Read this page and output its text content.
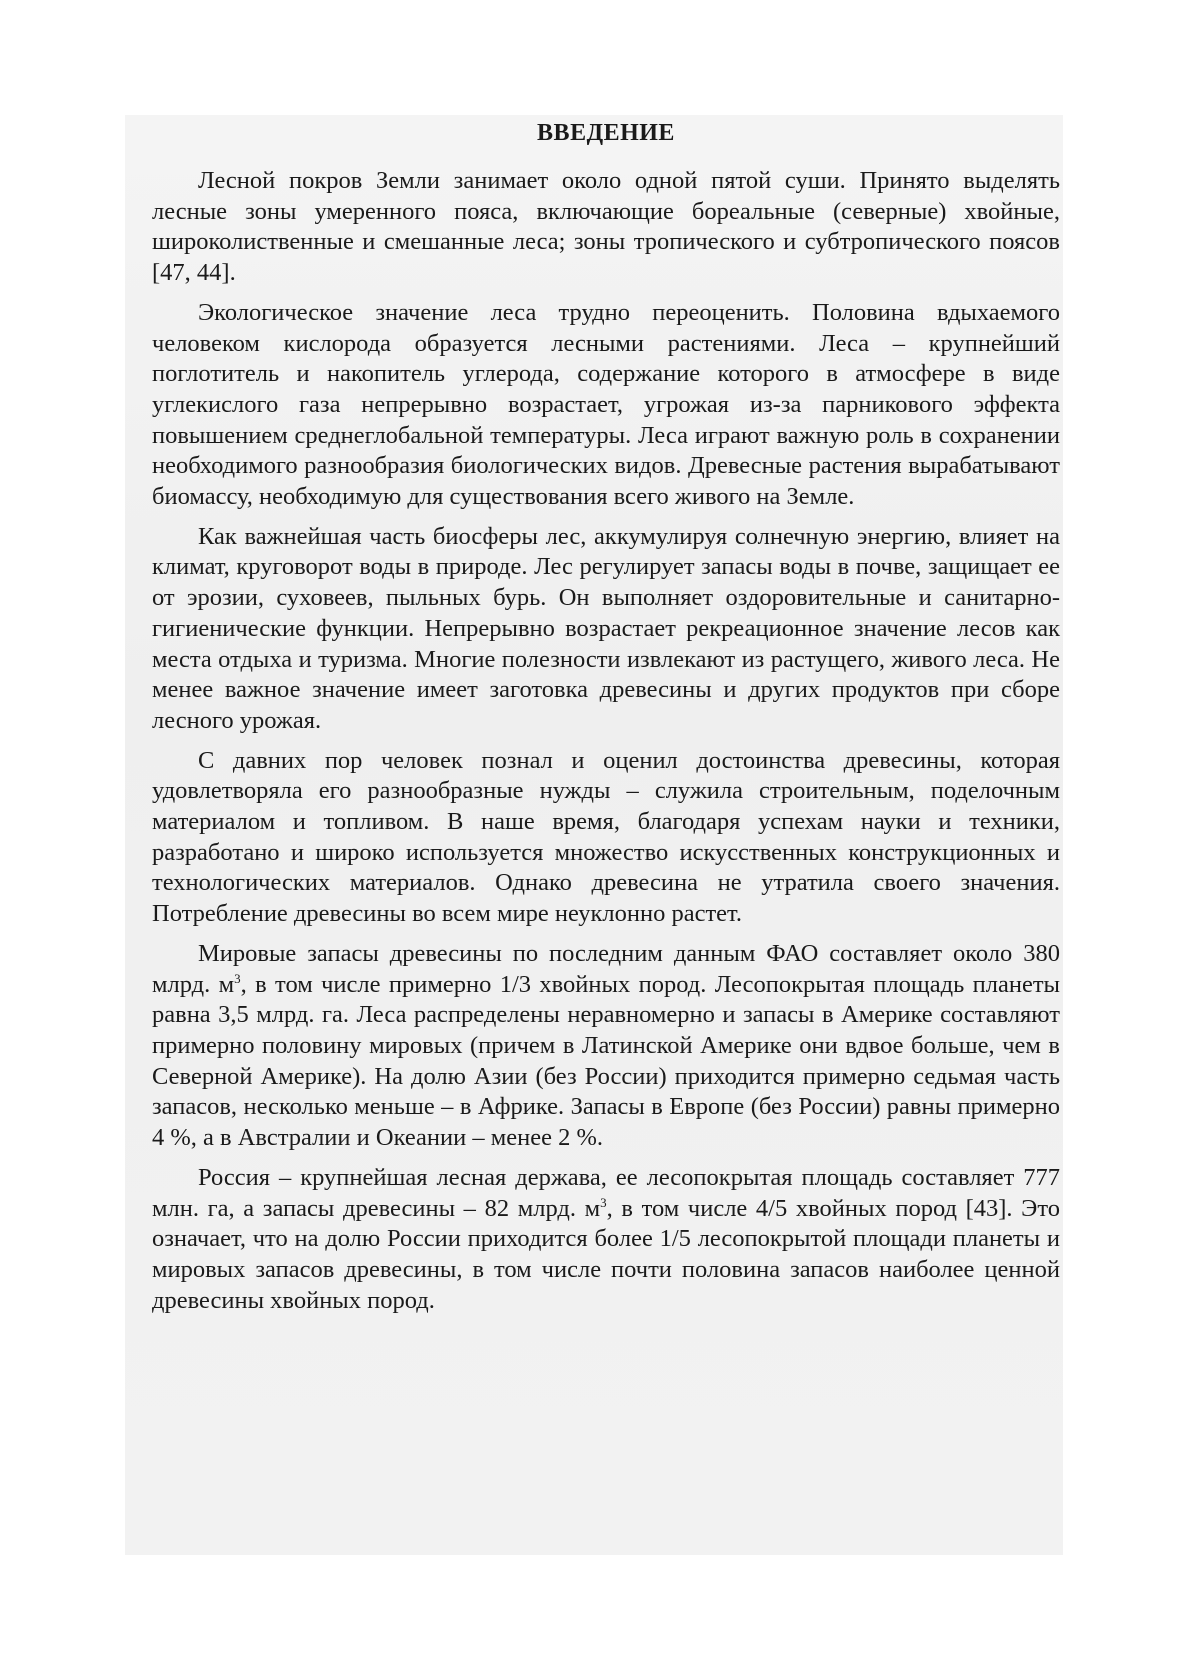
ВВЕДЕНИЕ

Лесной покров Земли занимает около одной пятой суши. Принято выделять лесные зоны умеренного пояса, включающие бореальные (северные) хвойные, широколиственные и смешанные леса; зоны тропического и субтропического поясов [47, 44].

Экологическое значение леса трудно переоценить. Половина вдыхаемого человеком кислорода образуется лесными растениями. Леса – крупнейший поглотитель и накопитель углерода, содержание которого в атмосфере в виде углекислого газа непрерывно возрастает, угрожая из-за парникового эффекта повышением среднеглобальной температуры. Леса играют важную роль в сохранении необходимого разнообразия биологических видов. Древесные растения вырабатывают биомассу, необходимую для существования всего живого на Земле.

Как важнейшая часть биосферы лес, аккумулируя солнечную энергию, влияет на климат, круговорот воды в природе. Лес регулирует запасы воды в почве, защищает ее от эрозии, суховеев, пыльных бурь. Он выполняет оздоровительные и санитарно-гигиенические функции. Непрерывно возрастает рекреационное значение лесов как места отдыха и туризма. Многие полезности извлекают из растущего, живого леса. Не менее важное значение имеет заготовка древесины и других продуктов при сборе лесного урожая.

С давних пор человек познал и оценил достоинства древесины, которая удовлетворяла его разнообразные нужды – служила строительным, поделочным материалом и топливом. В наше время, благодаря успехам науки и техники, разработано и широко используется множество искусственных конструкционных и технологических материалов. Однако древесина не утратила своего значения. Потребление древесины во всем мире неуклонно растет.

Мировые запасы древесины по последним данным ФАО составляет около 380 млрд. $м^3$, в том числе примерно 1/3 хвойных пород. Лесопокрытая площадь планеты равна 3,5 млрд. га. Леса распределены неравномерно и запасы в Америке составляют примерно половину мировых (причем в Латинской Америке они вдвое больше, чем в Северной Америке). На долю Азии (без России) приходится примерно седьмая часть запасов, несколько меньше – в Африке. Запасы в Европе (без России) равны примерно 4 %, а в Австралии и Океании – менее 2 %.

Россия – крупнейшая лесная держава, ее лесопокрытая площадь составляет 777 млн. га, а запасы древесины – 82 млрд. $м^3$, в том числе 4/5 хвойных пород [43]. Это означает, что на долю России приходится более 1/5 лесопокрытой площади планеты и мировых запасов древесины, в том числе почти половина запасов наиболее ценной древесины хвойных пород.
